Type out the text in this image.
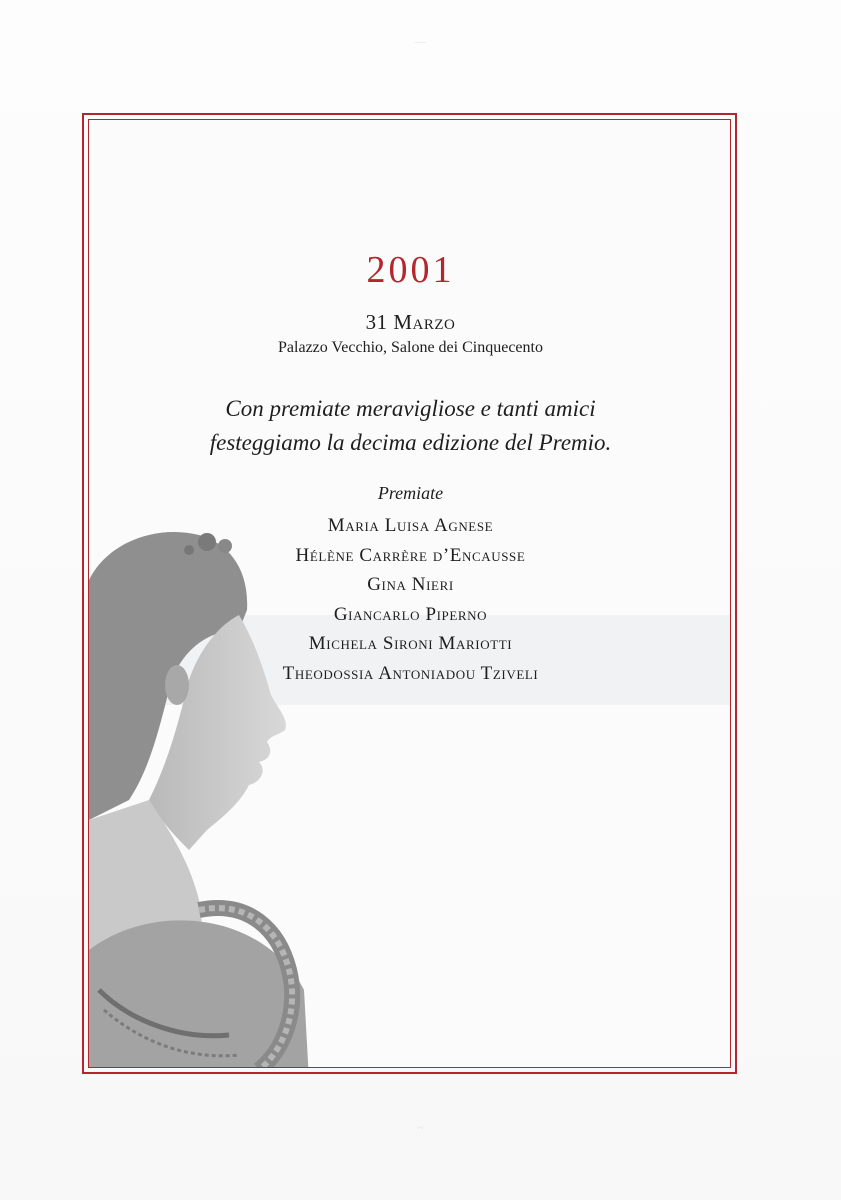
—
2001
31 Marzo
Palazzo Vecchio, Salone dei Cinquecento
Con premiate meravigliose e tanti amici
festeggiamo la decima edizione del Premio.
Premiate
Maria Luisa Agnese
Hélène Carrère d’Encausse
Gina Nieri
Giancarlo Piperno
Michela Sironi Mariotti
Theodossia Antoniadou Tziveli
~
